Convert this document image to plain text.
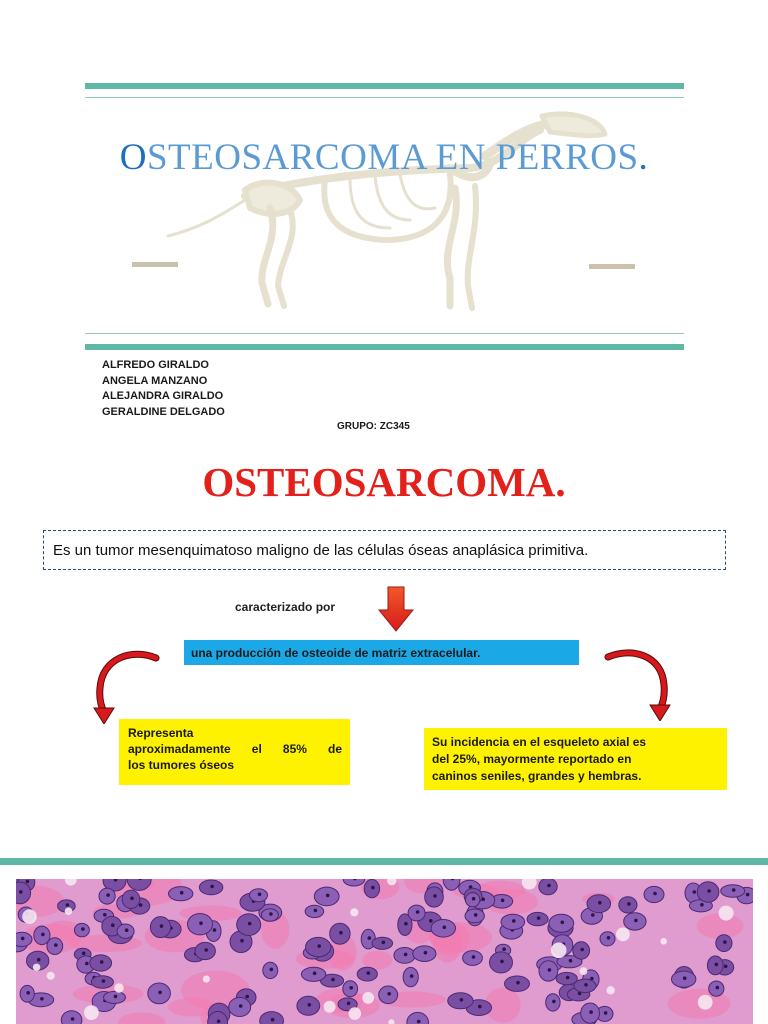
OSTEOSARCOMA EN PERROS.
ALFREDO GIRALDO
ANGELA MANZANO
ALEJANDRA GIRALDO
GERALDINE DELGADO
GRUPO: ZC345
OSTEOSARCOMA.
Es un tumor mesenquimatoso maligno de las células óseas anaplásica primitiva.
caracterizado por
una producción de osteoide de matriz extracelular.
Representa
aproximadamente el 85% de
los tumores óseos
Su incidencia en el esqueleto axial es
del 25%, mayormente reportado en
caninos seniles, grandes y hembras.
